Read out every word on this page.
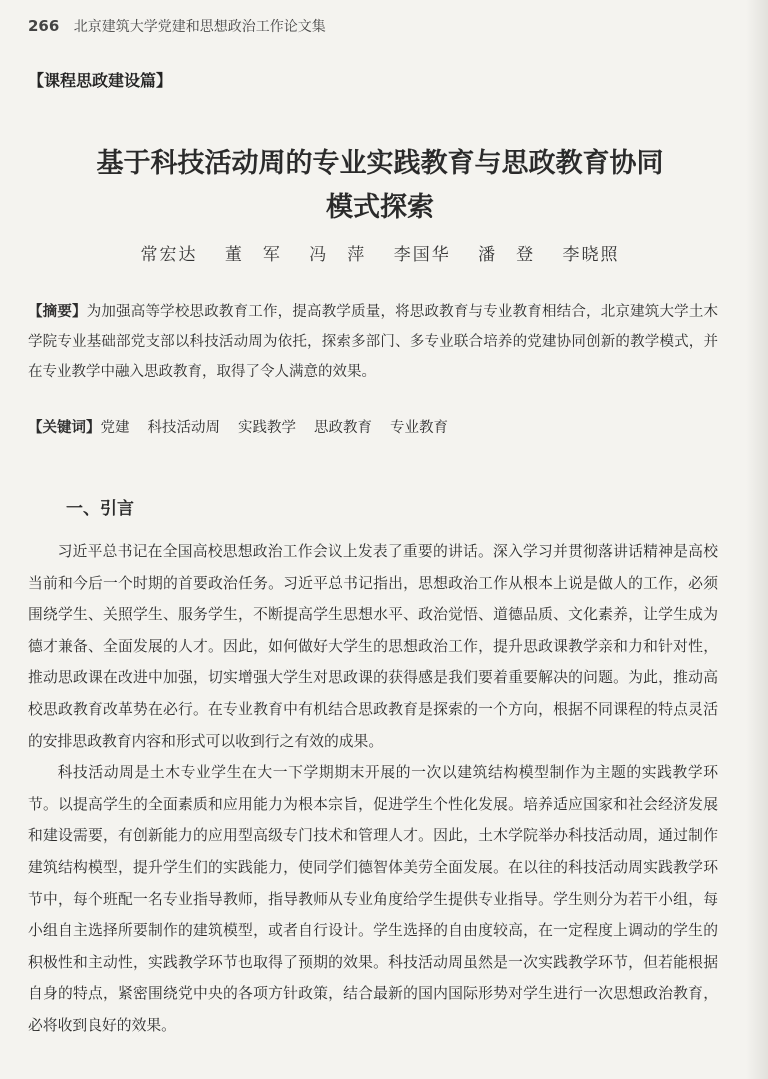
266 北京建筑大学党建和思想政治工作论文集
【课程思政建设篇】
基于科技活动周的专业实践教育与思政教育协同
模式探索
常宏达 董　军 冯　萍 李国华 潘　登 李晓照
【摘要】为加强高等学校思政教育工作，提高教学质量，将思政教育与专业教育相结合，北京建筑大学土木学院专业基础部党支部以科技活动周为依托，探索多部门、多专业联合培养的党建协同创新的教学模式，并在专业教学中融入思政教育，取得了令人满意的效果。
【关键词】党建 科技活动周 实践教学 思政教育 专业教育
一、引言

习近平总书记在全国高校思想政治工作会议上发表了重要的讲话。深入学习并贯彻落讲话精神是高校当前和今后一个时期的首要政治任务。习近平总书记指出，思想政治工作从根本上说是做人的工作，必须围绕学生、关照学生、服务学生，不断提高学生思想水平、政治觉悟、道德品质、文化素养，让学生成为德才兼备、全面发展的人才。因此，如何做好大学生的思想政治工作，提升思政课教学亲和力和针对性，推动思政课在改进中加强，切实增强大学生对思政课的获得感是我们要着重要解决的问题。为此，推动高校思政教育改革势在必行。在专业教育中有机结合思政教育是探索的一个方向，根据不同课程的特点灵活的安排思政教育内容和形式可以收到行之有效的成果。

科技活动周是土木专业学生在大一下学期期末开展的一次以建筑结构模型制作为主题的实践教学环节。以提高学生的全面素质和应用能力为根本宗旨，促进学生个性化发展。培养适应国家和社会经济发展和建设需要，有创新能力的应用型高级专门技术和管理人才。因此，土木学院举办科技活动周，通过制作建筑结构模型，提升学生们的实践能力，使同学们德智体美劳全面发展。在以往的科技活动周实践教学环节中，每个班配一名专业指导教师，指导教师从专业角度给学生提供专业指导。学生则分为若干小组，每小组自主选择所要制作的建筑模型，或者自行设计。学生选择的自由度较高，在一定程度上调动的学生的积极性和主动性，实践教学环节也取得了预期的效果。科技活动周虽然是一次实践教学环节，但若能根据自身的特点，紧密围绕党中央的各项方针政策，结合最新的国内国际形势对学生进行一次思想政治教育，必将收到良好的效果。
